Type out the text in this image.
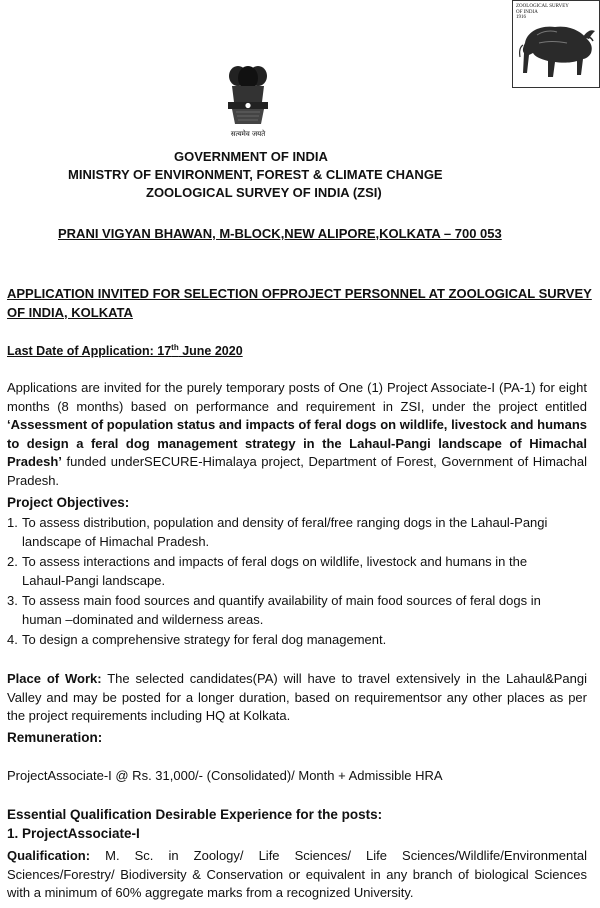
ZOOLOGICAL SURVEY
OF INDIA
1916
सत्यमेव जयते
GOVERNMENT OF INDIA
MINISTRY OF ENVIRONMENT, FOREST & CLIMATE CHANGE
ZOOLOGICAL SURVEY OF INDIA (ZSI)
PRANI VIGYAN BHAWAN, M-BLOCK,NEW ALIPORE,KOLKATA – 700 053
APPLICATION INVITED FOR SELECTION OFPROJECT PERSONNEL AT ZOOLOGICAL SURVEY
OF INDIA, KOLKATA
Last Date of Application: 17th June 2020
Applications are invited for the purely temporary posts of One (1) Project Associate-I (PA-1) for eight months (8 months) based on performance and requirement in ZSI, under the project entitled ‘Assessment of population status and impacts of feral dogs on wildlife, livestock and humans to design a feral dog management strategy in the Lahaul-Pangi landscape of Himachal Pradesh’ funded underSECURE-Himalaya project, Department of Forest, Government of Himachal Pradesh.
Project Objectives:
1. To assess distribution, population and density of feral/free ranging dogs in the Lahaul-Pangi landscape of Himachal Pradesh.
2. To assess interactions and impacts of feral dogs on wildlife, livestock and humans in the Lahaul-Pangi landscape.
3. To assess main food sources and quantify availability of main food sources of feral dogs in human –dominated and wilderness areas.
4. To design a comprehensive strategy for feral dog management.
Place of Work: The selected candidates(PA) will have to travel extensively in the Lahaul&Pangi Valley and may be posted for a longer duration, based on requirementsor any other places as per the project requirements including HQ at Kolkata.
Remuneration:
ProjectAssociate-I @ Rs. 31,000/- (Consolidated)/ Month + Admissible HRA
Essential Qualification Desirable Experience for the posts:
1. ProjectAssociate-I
Qualification: M. Sc. in Zoology/ Life Sciences/ Life Sciences/Wildlife/Environmental Sciences/Forestry/ Biodiversity & Conservation or equivalent in any branch of biological Sciences with a minimum of 60% aggregate marks from a recognized University.
